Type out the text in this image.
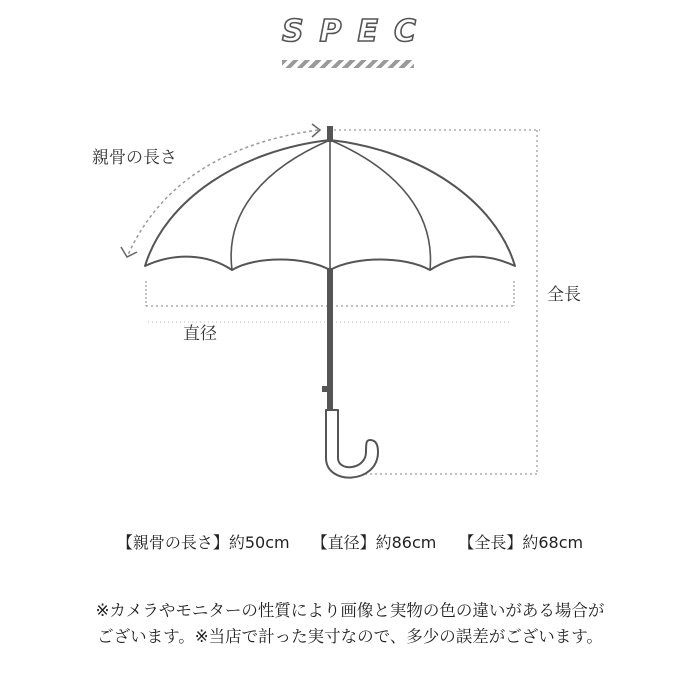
SPEC
親骨の長さ
直径
全長
【親骨の長さ】約50cm 【直径】約86cm 【全長】約68cm
※カメラやモニターの性質により画像と実物の色の違いがある場合が
ございます。※当店で計った実寸なので、多少の誤差がございます。
